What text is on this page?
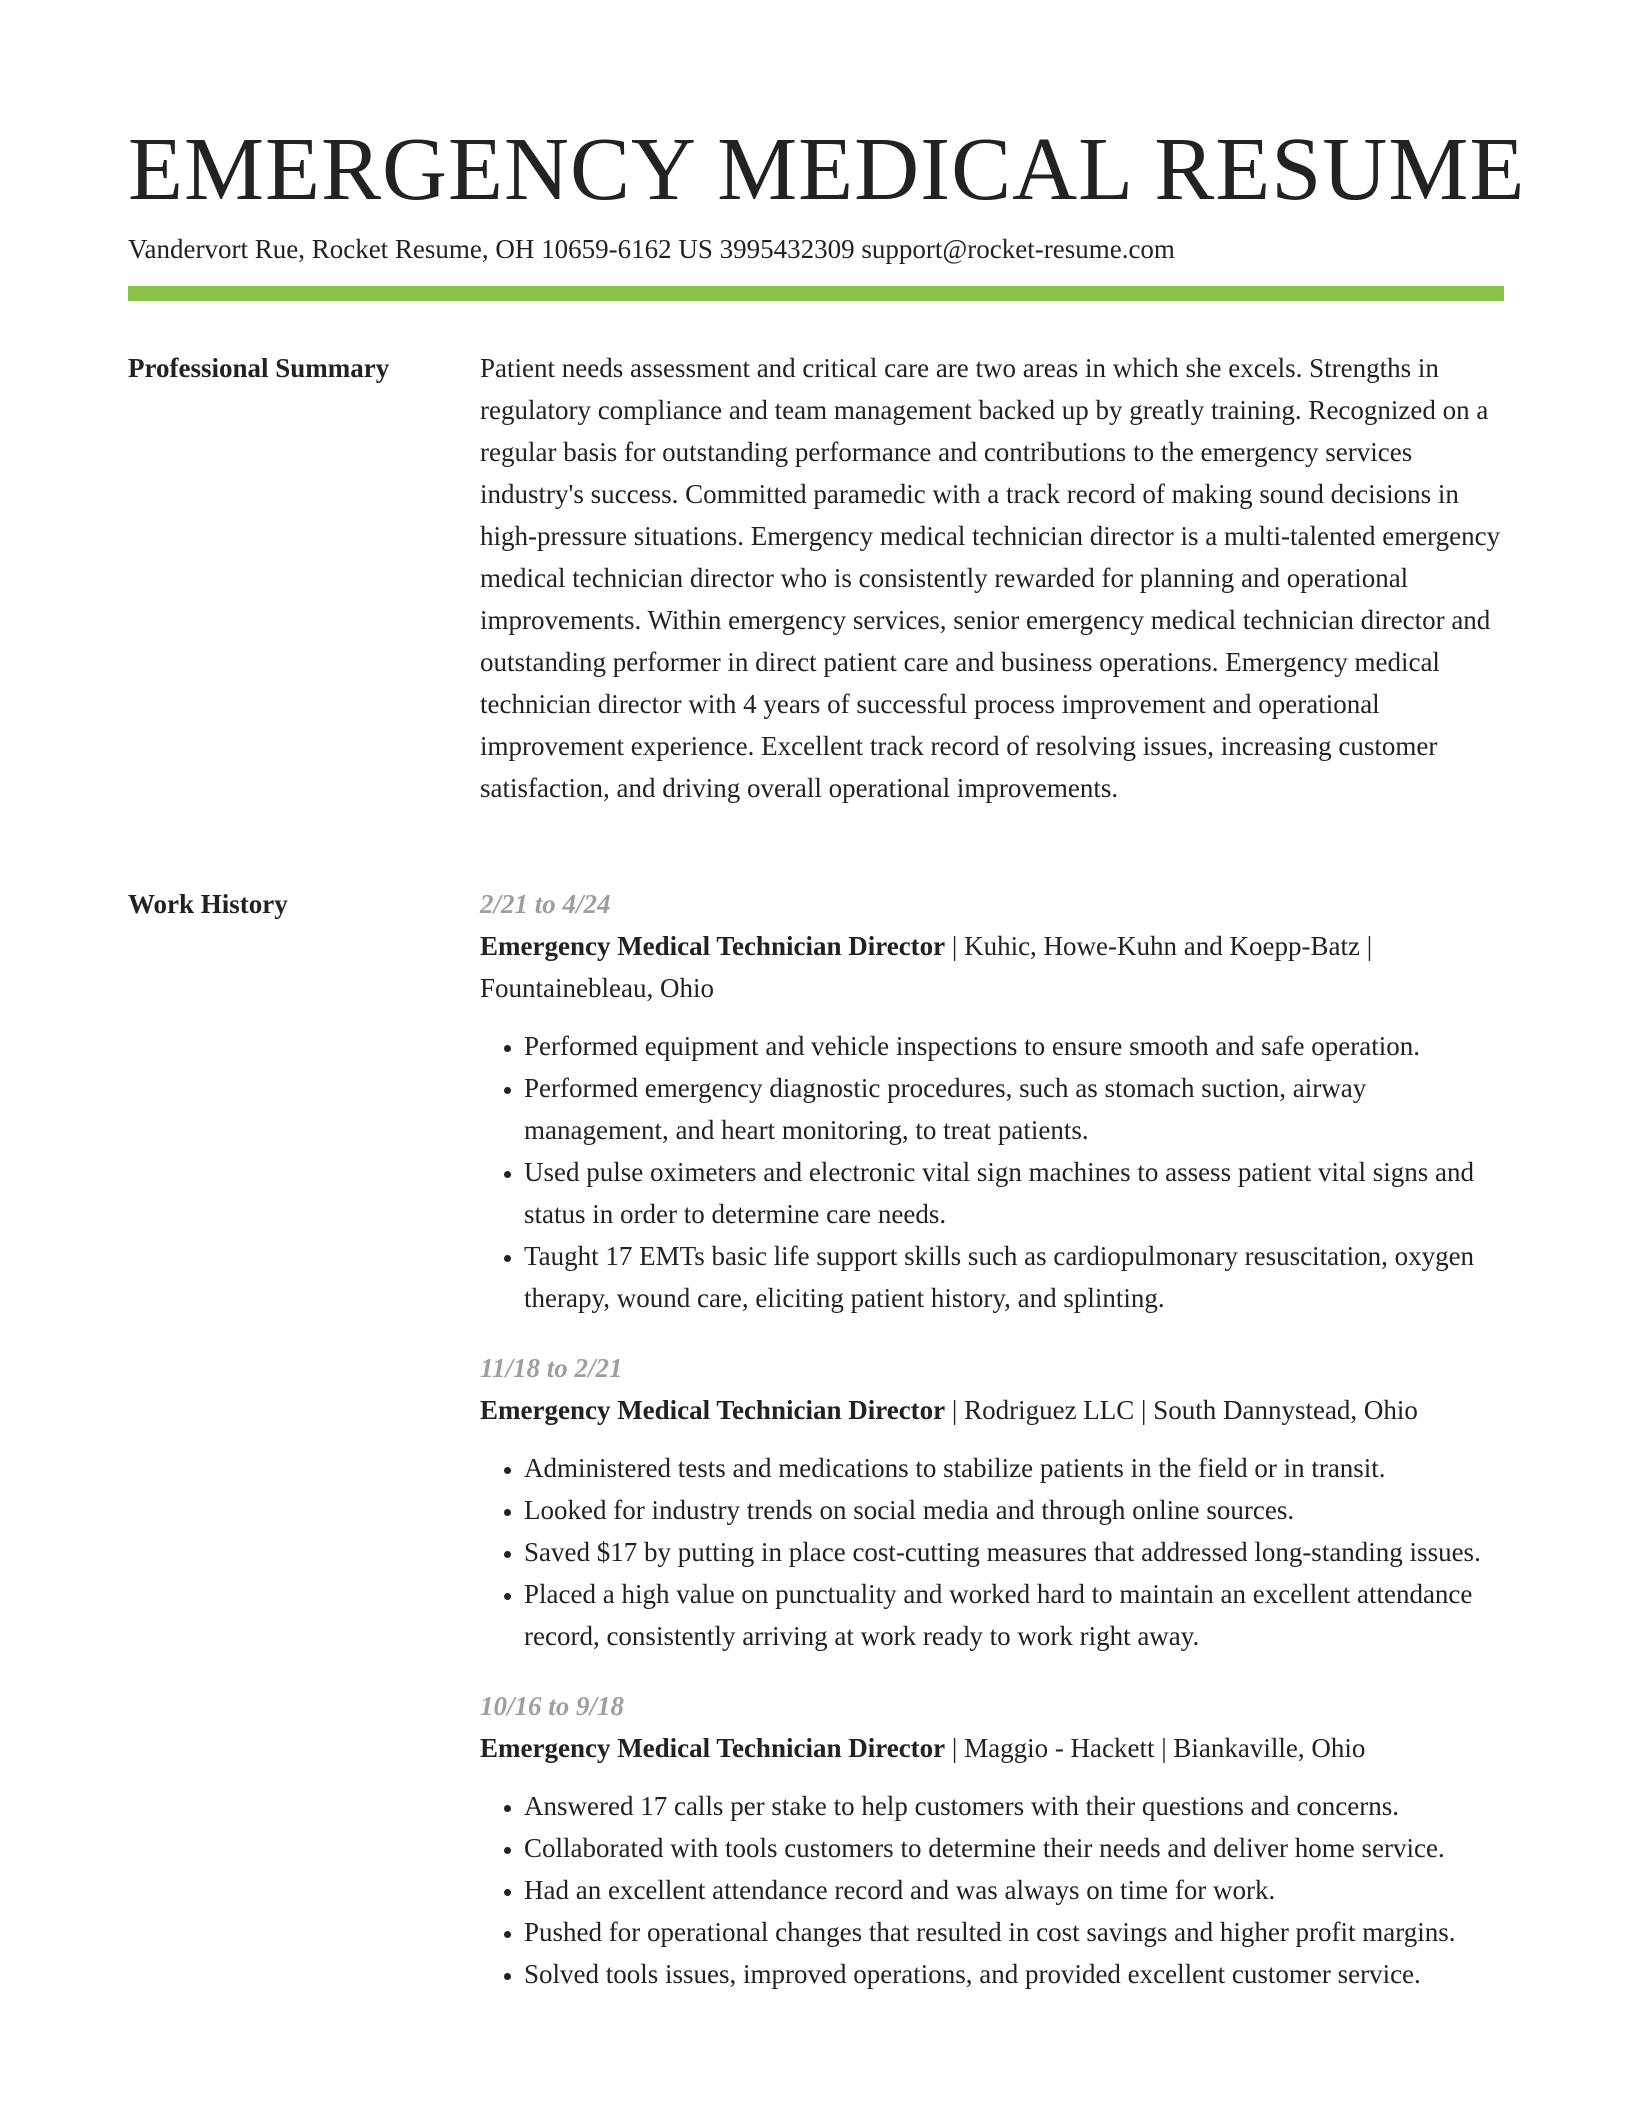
EMERGENCY MEDICAL RESUME
Vandervort Rue, Rocket Resume, OH 10659-6162 US 3995432309 support@rocket-resume.com
Professional Summary	Patient needs assessment and critical care are two areas in which she excels. Strengths in regulatory compliance and team management backed up by greatly training. Recognized on a regular basis for outstanding performance and contributions to the emergency services industry's success. Committed paramedic with a track record of making sound decisions in high-pressure situations. Emergency medical technician director is a multi-talented emergency medical technician director who is consistently rewarded for planning and operational improvements. Within emergency services, senior emergency medical technician director and outstanding performer in direct patient care and business operations. Emergency medical technician director with 4 years of successful process improvement and operational improvement experience. Excellent track record of resolving issues, increasing customer satisfaction, and driving overall operational improvements.

Work History	2/21 to 4/24

Emergency Medical Technician Director | Kuhic, Howe-Kuhn and Koepp-Batz | Fountainebleau, Ohio

• Performed equipment and vehicle inspections to ensure smooth and safe operation.
• Performed emergency diagnostic procedures, such as stomach suction, airway management, and heart monitoring, to treat patients.
• Used pulse oximeters and electronic vital sign machines to assess patient vital signs and status in order to determine care needs.
• Taught 17 EMTs basic life support skills such as cardiopulmonary resuscitation, oxygen therapy, wound care, eliciting patient history, and splinting.
11/18 to 2/21

Emergency Medical Technician Director | Rodriguez LLC | South Dannystead, Ohio

• Administered tests and medications to stabilize patients in the field or in transit.
• Looked for industry trends on social media and through online sources.
• Saved $17 by putting in place cost-cutting measures that addressed long-standing issues.
• Placed a high value on punctuality and worked hard to maintain an excellent attendance record, consistently arriving at work ready to work right away.
10/16 to 9/18

Emergency Medical Technician Director | Maggio - Hackett | Biankaville, Ohio

• Answered 17 calls per stake to help customers with their questions and concerns.
• Collaborated with tools customers to determine their needs and deliver home service.
• Had an excellent attendance record and was always on time for work.
• Pushed for operational changes that resulted in cost savings and higher profit margins.
• Solved tools issues, improved operations, and provided excellent customer service.
